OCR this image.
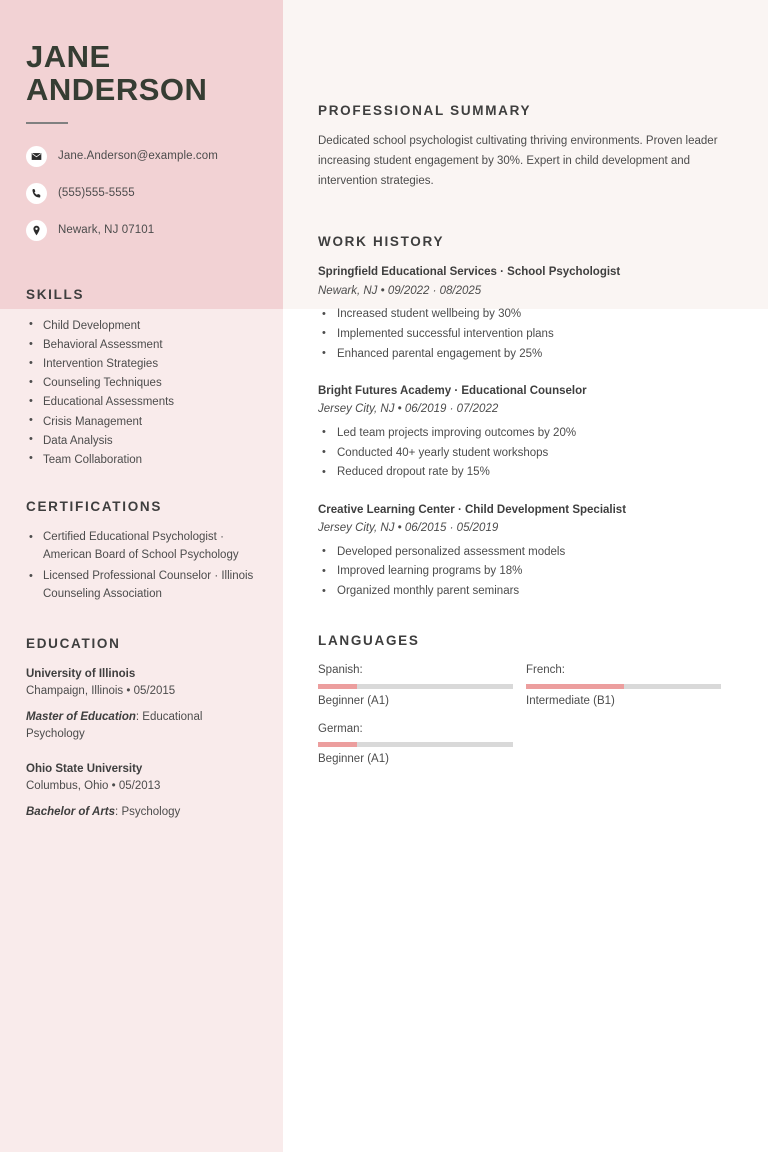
JANE
ANDERSON
Jane.Anderson@example.com
(555)555-5555
Newark, NJ 07101
SKILLS
• Child Development
• Behavioral Assessment
• Intervention Strategies
• Counseling Techniques
• Educational Assessments
• Crisis Management
• Data Analysis
• Team Collaboration
CERTIFICATIONS
• Certified Educational Psychologist · American Board of School Psychology
• Licensed Professional Counselor · Illinois Counseling Association
EDUCATION
University of Illinois
Champaign, Illinois • 05/2015
Master of Education: Educational Psychology
Ohio State University
Columbus, Ohio • 05/2013
Bachelor of Arts: Psychology
PROFESSIONAL SUMMARY

Dedicated school psychologist cultivating thriving environments. Proven leader increasing student engagement by 30%. Expert in child development and intervention strategies.

WORK HISTORY
Springfield Educational Services · School Psychologist
Newark, NJ • 09/2022 · 08/2025
• Increased student wellbeing by 30%
• Implemented successful intervention plans
• Enhanced parental engagement by 25%
Bright Futures Academy · Educational Counselor
Jersey City, NJ • 06/2019 · 07/2022
• Led team projects improving outcomes by 20%
• Conducted 40+ yearly student workshops
• Reduced dropout rate by 15%
Creative Learning Center · Child Development Specialist
Jersey City, NJ • 06/2015 · 05/2019
• Developed personalized assessment models
• Improved learning programs by 18%
• Organized monthly parent seminars
LANGUAGES
Spanish:
Beginner (A1)
French:
Intermediate (B1)
German:
Beginner (A1)
